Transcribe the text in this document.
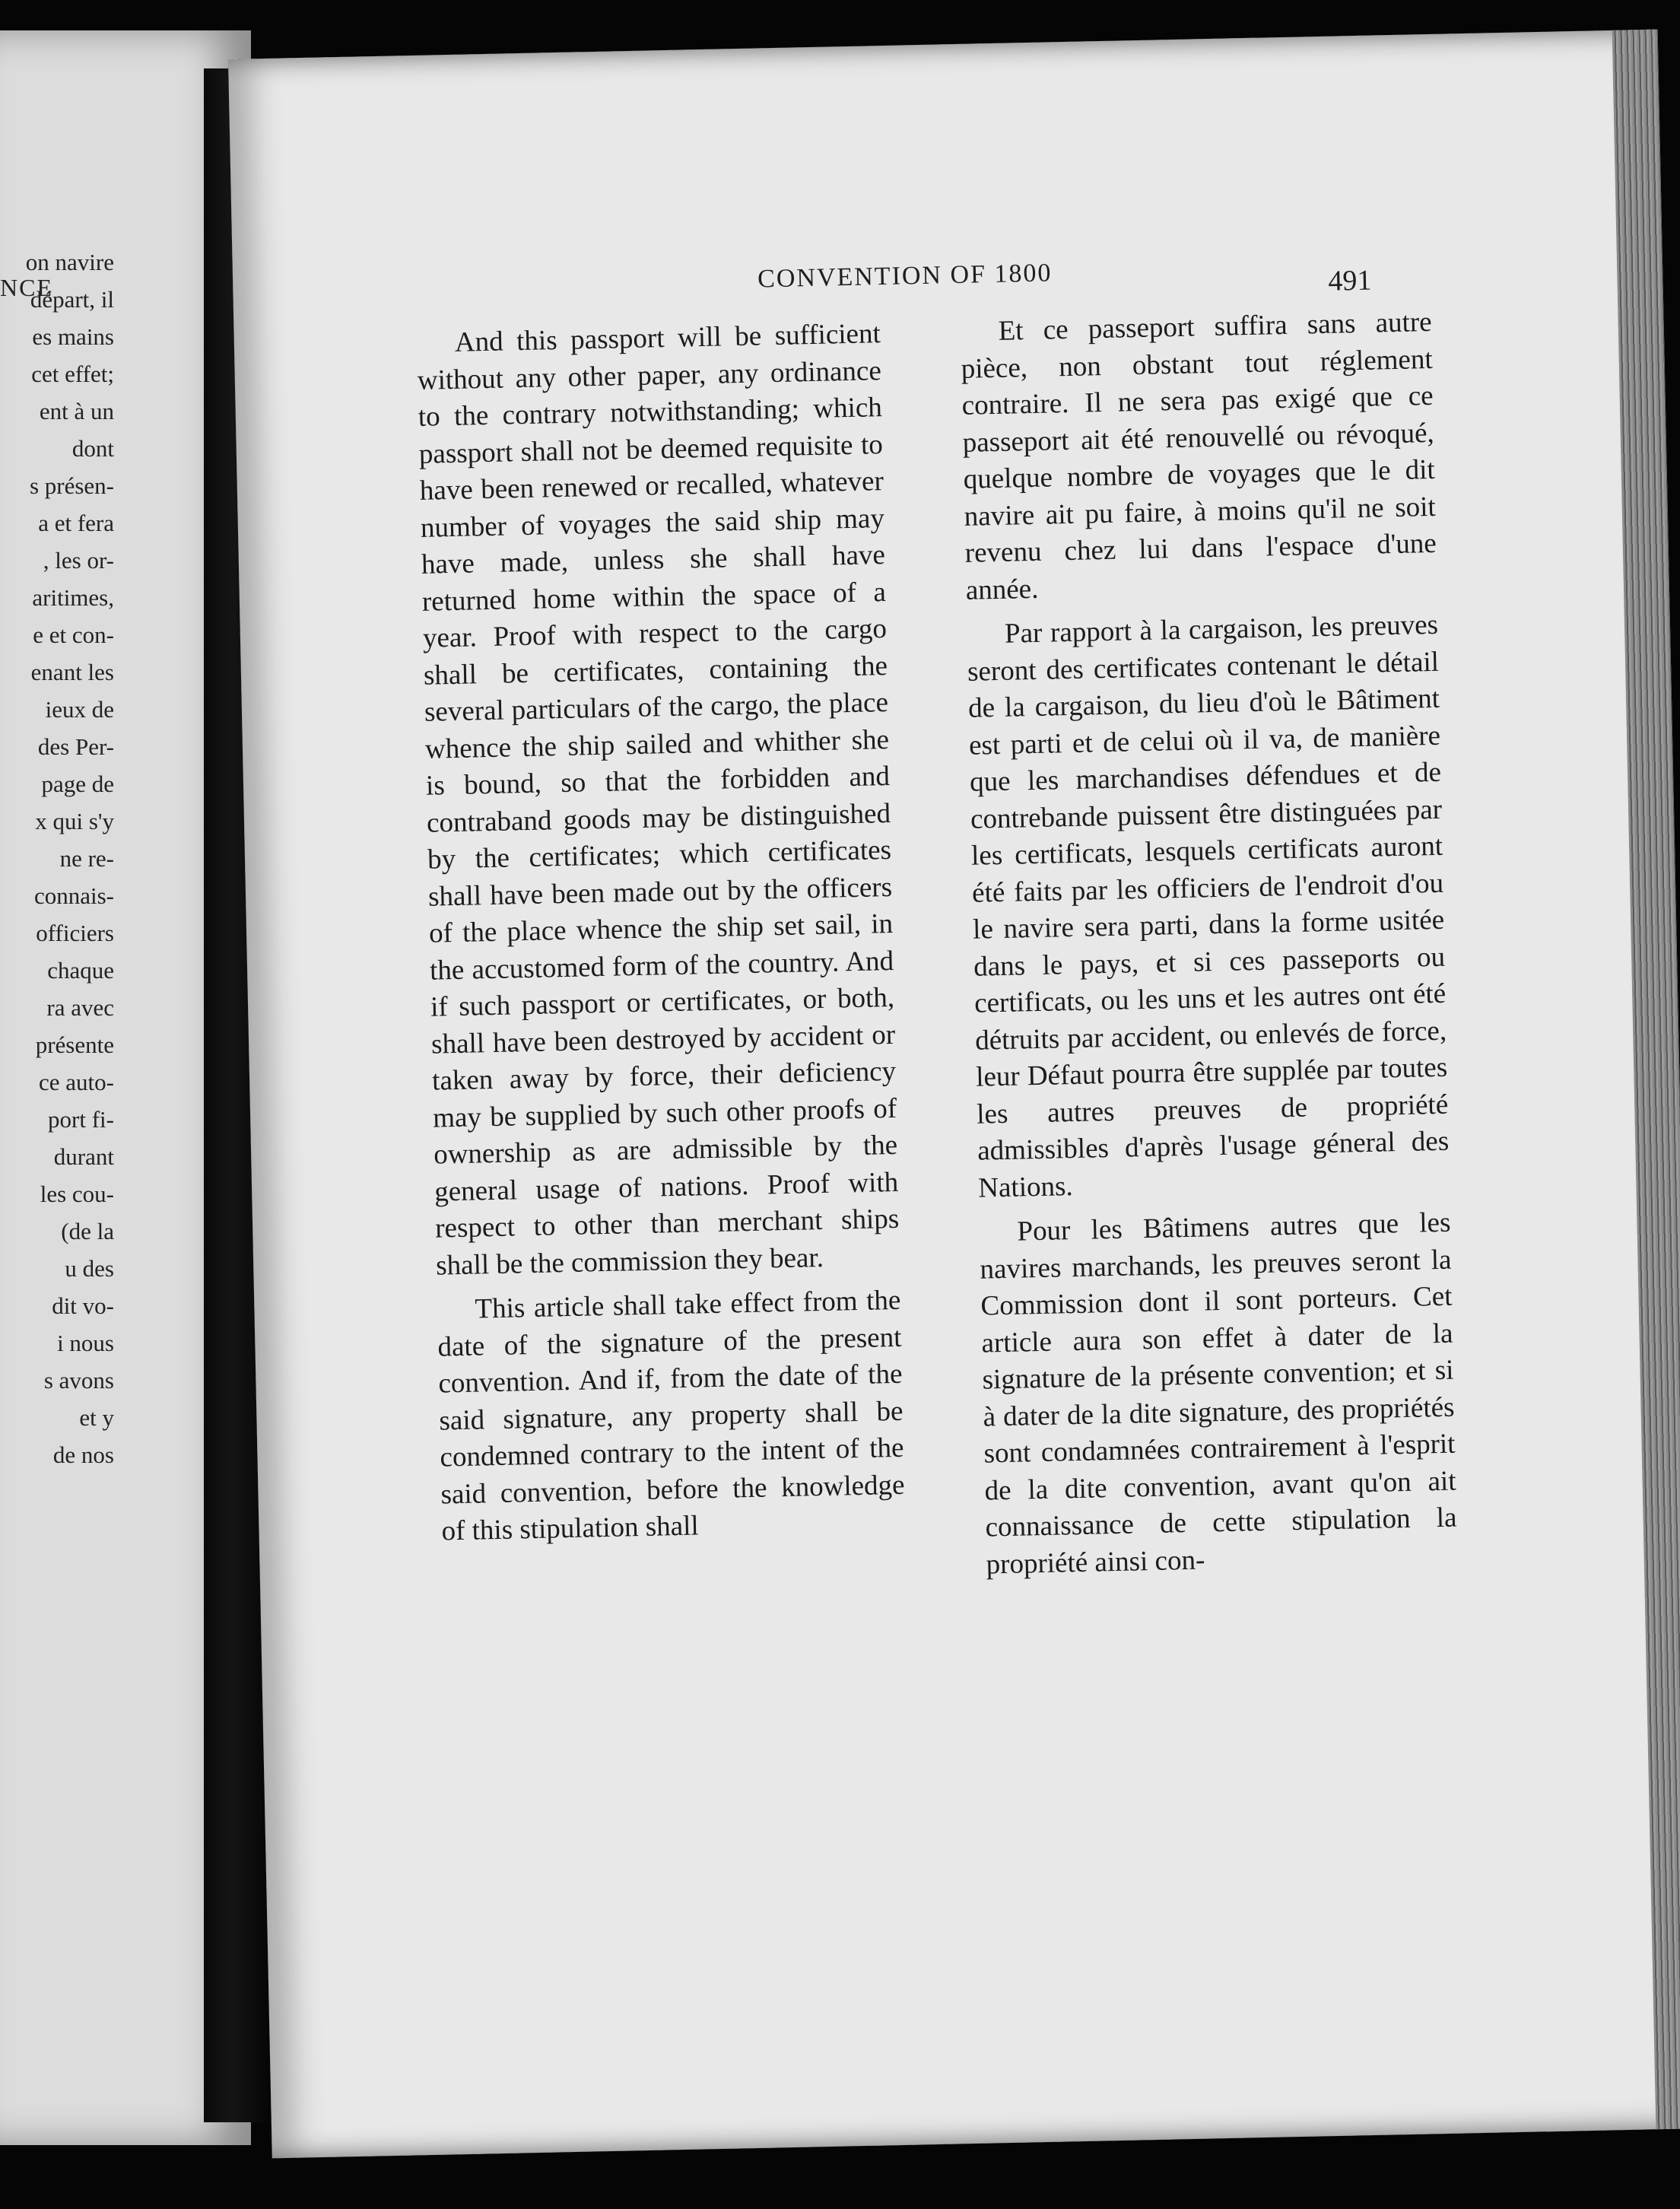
NCE
on navire
départ, il
es mains
cet effet;
ent à un
dont
s présen-
a et fera
, les or-
aritimes,
e et con-
enant les
ieux de
des Per-
page de
x qui s'y
ne re-
connais-
officiers
chaque
ra avec
présente
ce auto-
port fi-
durant
les cou-
(de la
u des
dit vo-
i nous
s avons
et y
de nos
CONVENTION OF 1800	491

And this passport will be sufficient without any other paper, any ordinance to the contrary notwithstanding; which passport shall not be deemed requisite to have been renewed or recalled, whatever number of voyages the said ship may have made, unless she shall have returned home within the space of a year. Proof with respect to the cargo shall be certificates, containing the several particulars of the cargo, the place whence the ship sailed and whither she is bound, so that the forbidden and contraband goods may be distinguished by the certificates; which certificates shall have been made out by the officers of the place whence the ship set sail, in the accustomed form of the country. And if such passport or certificates, or both, shall have been destroyed by accident or taken away by force, their deficiency may be supplied by such other proofs of ownership as are admissible by the general usage of nations. Proof with respect to other than merchant ships shall be the commission they bear.

This article shall take effect from the date of the signature of the present convention. And if, from the date of the said signature, any property shall be condemned contrary to the intent of the said convention, before the knowledge of this stipulation shall

Et ce passeport suffira sans autre pièce, non obstant tout réglement contraire. Il ne sera pas exigé que ce passeport ait été renouvellé ou révoqué, quelque nombre de voyages que le dit navire ait pu faire, à moins qu'il ne soit revenu chez lui dans l'espace d'une année.

Par rapport à la cargaison, les preuves seront des certificates contenant le détail de la cargaison, du lieu d'où le Bâtiment est parti et de celui où il va, de manière que les marchandises défendues et de contrebande puissent être distinguées par les certificats, lesquels certificats auront été faits par les officiers de l'endroit d'ou le navire sera parti, dans la forme usitée dans le pays, et si ces passeports ou certificats, ou les uns et les autres ont été détruits par accident, ou enlevés de force, leur Défaut pourra être supplée par toutes les autres preuves de propriété admissibles d'après l'usage géneral des Nations.

Pour les Bâtimens autres que les navires marchands, les preuves seront la Commission dont il sont porteurs. Cet article aura son effet à dater de la signature de la présente convention; et si à dater de la dite signature, des propriétés sont condamnées contrairement à l'esprit de la dite convention, avant qu'on ait connaissance de cette stipulation la propriété ainsi con-
